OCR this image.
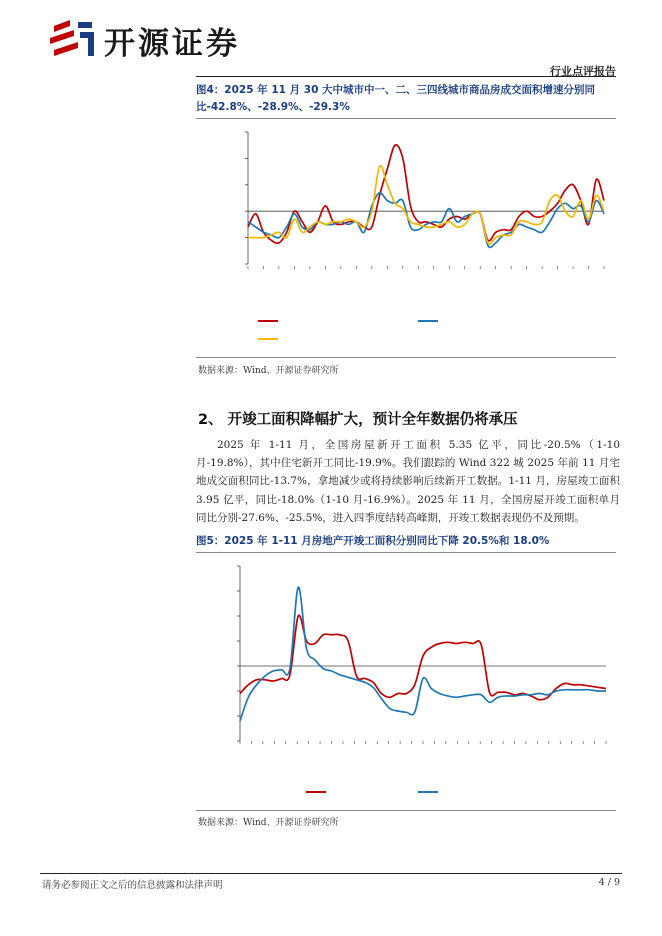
开源证券
行业点评报告
图4：2025 年 11 月 30 大中城市中一、二、三四线城市商品房成交面积增速分别同
比-42.8%、-28.9%、-29.3%
数据来源：Wind、开源证券研究所
2、 开竣工面积降幅扩大，预计全年数据仍将承压
2025 年 1-11 月，全国房屋新开工面积 5.35 亿平，同比-20.5%（1-10 月-19.8%），其中住宅新开工同比-19.9%。我们跟踪的 Wind 322 城 2025 年前 11 月宅地成交面积同比-13.7%，拿地减少或将持续影响后续新开工数据。1-11 月，房屋竣工面积 3.95 亿平，同比-18.0%（1-10 月-16.9%）。2025 年 11 月，全国房屋开竣工面积单月同比分别-27.6%、-25.5%，进入四季度结转高峰期，开竣工数据表现仍不及预期。
图5：2025 年 1-11 月房地产开竣工面积分别同比下降 20.5%和 18.0%
数据来源：Wind、开源证券研究所
请务必参阅正文之后的信息披露和法律声明	4 / 9
